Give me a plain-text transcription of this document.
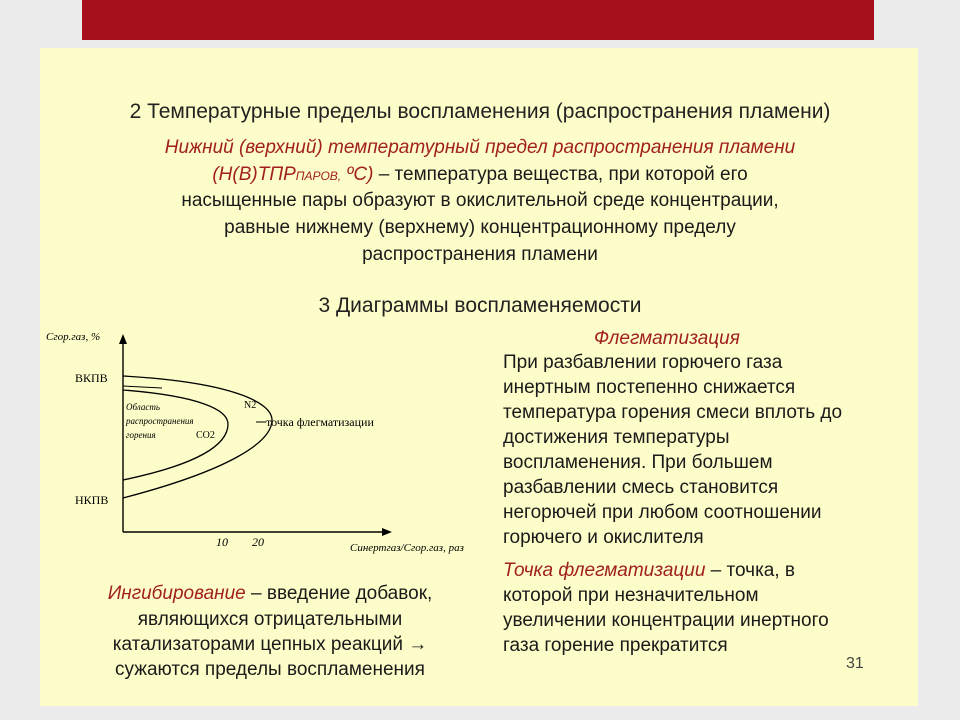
2 Температурные пределы воспламенения (распространения пламени)
Нижний (верхний) температурный предел распространения пламени
(Н(В)ТПРПАРОВ, ºС) – температура вещества, при которой его
насыщенные пары образуют в окислительной среде концентрации,
равные нижнему (верхнему) концентрационному пределу
распространения пламени
3 Диаграммы воспламеняемости
Cгор.газ, %
ВКПВ
НКПВ
Область
распространения
горения
N2
CO2
точка флегматизации
10 20	Cинертгаз/Cгор.газ, раз
Флегматизация
При разбавлении горючего газа
инертным постепенно снижается
температура горения смеси вплоть до
достижения температуры
воспламенения. При большем
разбавлении смесь становится
негорючей при любом соотношении
горючего и окислителя
Точка флегматизации – точка, в
которой при незначительном
увеличении концентрации инертного
газа горение прекратится
Ингибирование – введение добавок,
являющихся отрицательными
катализаторами цепных реакций →
сужаются пределы воспламенения	31
